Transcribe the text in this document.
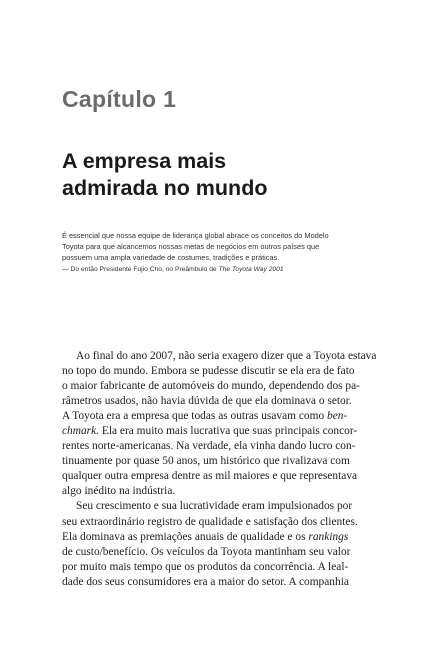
Capítulo 1
A empresa mais
admirada no mundo
É essencial que nossa equipe de liderança global abrace os conceitos do Modelo
Toyota para que alcancemos nossas metas de negócios em outros países que
possuem uma ampla variedade de costumes, tradições e práticas.
— Do então Presidente Fujio Cho, no Preâmbulo de The Toyota Way 2001
Ao final do ano 2007, não seria exagero dizer que a Toyota estava
no topo do mundo. Embora se pudesse discutir se ela era de fato
o maior fabricante de automóveis do mundo, dependendo dos pa-
râmetros usados, não havia dúvida de que ela dominava o setor.
A Toyota era a empresa que todas as outras usavam como ben-
chmark. Ela era muito mais lucrativa que suas principais concor-
rentes norte-americanas. Na verdade, ela vinha dando lucro con-
tinuamente por quase 50 anos, um histórico que rivalizava com
qualquer outra empresa dentre as mil maiores e que representava
algo inédito na indústria.
Seu crescimento e sua lucratividade eram impulsionados por
seu extraordinário registro de qualidade e satisfação dos clientes.
Ela dominava as premiações anuais de qualidade e os rankings
de custo/benefício. Os veículos da Toyota mantinham seu valor
por muito mais tempo que os produtos da concorrência. A leal-
dade dos seus consumidores era a maior do setor. A companhia
